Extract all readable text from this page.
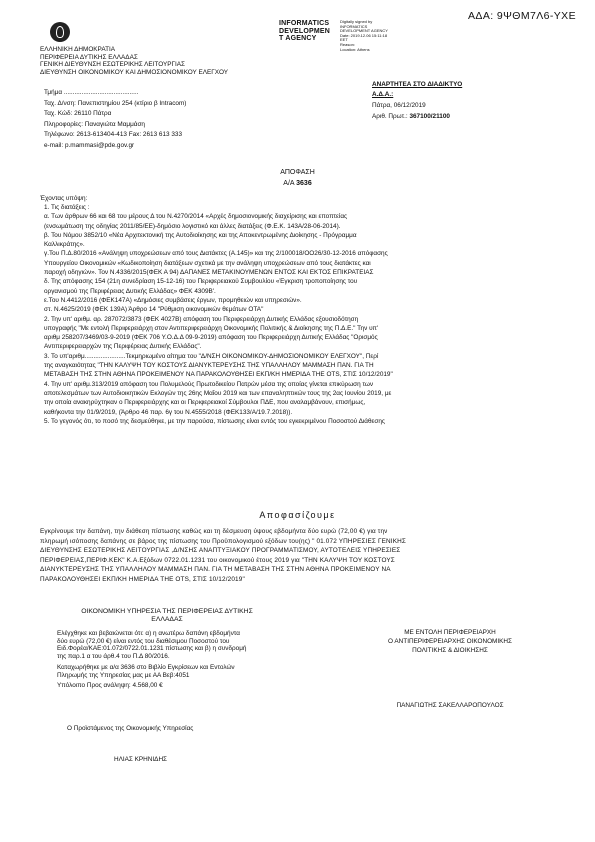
ΑΔΑ: 9ΨΘΜ7Λ6-ΥΧΕ
INFORMATICS
DEVELOPMEN
T AGENCY
Digitally signed by
INFORMATICS
DEVELOPMENT AGENCY
Date: 2019.12.06 15:11:18
EET
Reason:
Location: Athens
ΕΛΛΗΝΙΚΗ ΔΗΜΟΚΡΑΤΙΑ
ΠΕΡΙΦΕΡΕΙΑ ΔΥΤΙΚΗΣ ΕΛΛΑΔΑΣ
ΓΕΝΙΚΗ ΔΙΕΥΘΥΝΣΗ ΕΣΩΤΕΡΙΚΗΣ ΛΕΙΤΟΥΡΓΙΑΣ
ΔΙΕΥΘΥΝΣΗ ΟΙΚΟΝΟΜΙΚΟΥ ΚΑΙ ΔΗΜΟΣΙΟΝΟΜΙΚΟΥ ΕΛΕΓΧΟΥ
Τμήμα ..........................................
Ταχ. Δ/νση: Πανεπιστημίου 254 (κτίριο β Intracom)
Ταχ. Κώδ: 26110 Πάτρα
Πληροφορίες: Παναγιώτα Μαμμάση
Τηλέφωνο: 2613-613404-413 Fax: 2613 613 333
e-mail: p.mammasi@pde.gov.gr
ΑΝΑΡΤΗΤΕΑ ΣΤΟ ΔΙΑΔΙΚΤΥΟ
Α.Δ.Α.:
Πάτρα, 06/12/2019
Αριθ. Πρωτ.: 367100/21100
ΑΠΟΦΑΣΗ
Α/Α 3636
Έχοντας υπόψη:
1. Τις διατάξεις :
α. Των άρθρων 66 και 68 του μέρους Δ του Ν.4270/2014 «Αρχές δημοσιονομικής διαχείρισης και εποπτείας
(ενσωμάτωση της οδηγίας 2011/85/ΕΕ)-δημόσιο λογιστικό και άλλες διατάξεις (Φ.Ε.Κ. 143Α/28-06-2014).
β. Του Νόμου 3852/10 «Νέα Αρχιτεκτονική της Αυτοδιοίκησης και της Αποκεντρωμένης Διοίκησης - Πρόγραμμα
Καλλικράτης».
γ.Του Π.Δ.80/2016 «Ανάληψη υποχρεώσεων από τους Διατάκτες (Α.145)» και της 2/100018/ΟΟ26/30-12-2016 απόφασης
Υπουργείου Οικονομικών «Κωδικοποίηση διατάξεων σχετικά με την ανάληψη υποχρεώσεων από τους διατάκτες και
παροχή οδηγιών». Τον Ν.4336/2015(ΦΕΚ Α 94) ΔΑΠΑΝΕΣ ΜΕΤΑΚΙΝΟΥΜΕΝΩΝ ΕΝΤΟΣ ΚΑΙ ΕΚΤΟΣ ΕΠΙΚΡΑΤΕΙΑΣ
δ. Της απόφασης 154 (21η συνεδρίαση 15-12-16) του Περιφερειακού Συμβουλίου «Έγκριση τροποποίησης του
οργανισμού της Περιφέρειας Δυτικής Ελλάδας» ΦΕΚ 4309Β'.
ε.Του Ν.4412/2016 (ΦΕΚ147Α) «Δημόσιες συμβάσεις έργων, προμηθειών και υπηρεσιών».
στ. Ν.4625/2019 (ΦΕΚ 139Α) Άρθρο 14 "Ρύθμιση οικονομικών θεμάτων ΟΤΑ"
2. Την υπ' αριθμ. αρ. 287072/3873 (ΦΕΚ 4027Β) απόφαση του Περιφερειάρχη Δυτικής Ελλάδας εξουσιοδότηση
υπογραφής "Με εντολή Περιφερειάρχη στον Αντιπεριφερειάρχη Οικονομικής Πολιτικής & Διοίκησης της Π.Δ.Ε." Την υπ'
αριθμ 258207/3469/03-9-2019 (ΦΕΚ 706 Υ.Ο.Δ.Δ 09-9-2019) απόφαση του Περιφερειάρχη Δυτικής Ελλάδας "Ορισμός
Αντιπεριφερειαρχών της Περιφέρειας Δυτικής Ελλάδας".
3. Το υπ'αριθμ.......................Τεκμηριωμένο αίτημα του "Δ/ΝΣΗ ΟΙΚΟΝΟΜΙΚΟΥ-ΔΗΜΟΣΙΟΝΟΜΙΚΟΥ ΕΛΕΓΧΟΥ", Περί
της αναγκαιότητας "ΤΗΝ ΚΑΛΥΨΗ ΤΟΥ ΚΟΣΤΟΥΣ ΔΙΑΝΥΚΤΕΡΕΥΣΗΣ ΤΗΣ ΥΠΑΛΛΗΛΟΥ ΜΑΜΜΑΣΗ ΠΑΝ. ΓΙΑ ΤΗ
ΜΕΤΑΒΑΣΗ ΤΗΣ ΣΤΗΝ ΑΘΗΝΑ ΠΡΟΚΕΙΜΕΝΟΥ ΝΑ ΠΑΡΑΚΟΛΟΥΘΗΣΕΙ ΕΚΠ/ΚΗ ΗΜΕΡΙΔΑ THE OTS, ΣΤΙΣ 10/12/2019"
4. Την υπ' αριθμ.313/2019 απόφαση του Πολυμελούς Πρωτοδικείου Πατρών μέσα της οποίας γίνεται επικύρωση των
αποτελεσμάτων των Αυτοδιοικητικών Εκλογών της 26ης Μαΐου 2019 και των επαναληπτικών τους της 2ας Ιουνίου 2019, με
την οποία ανακηρύχτηκαν ο Περιφερειάρχης και οι Περιφερειακοί Σύμβουλοι ΠΔΕ, που αναλαμβάνουν, επισήμως,
καθήκοντα την 01/9/2019, (Άρθρο 46 παρ. 6γ του Ν.4555/2018 (ΦΕΚ133/Α/19.7.2018)).
5. Το γεγονός ότι, το ποσό της δεσμεύθηκε, με την παρούσα, πίστωσης είναι εντός του εγκεκριμένου Ποσοστού Διάθεσης
Αποφασίζουμε
Εγκρίνουμε την δαπάνη, την διάθεση πίστωσης καθώς και τη δέσμευση ύψους εβδομήντα δύο ευρώ (72,00 €) για την
πληρωμή ισόποσης δαπάνης σε βάρος της πίστωσης του Προϋπολογισμού εξόδων του(ης) " 01.072 ΥΠΗΡΕΣΙΕΣ ΓΕΝΙΚΗΣ
ΔΙΕΥΘΥΝΣΗΣ ΕΣΩΤΕΡΙΚΗΣ ΛΕΙΤΟΥΡΓΙΑΣ ,Δ/ΝΣΗΣ ΑΝΑΠΤΥΞΙΑΚΟΥ ΠΡΟΓΡΑΜΜΑΤΙΣΜΟΥ, ΑΥΤΟΤΕΛΕΙΣ ΥΠΗΡΕΣΙΕΣ
ΠΕΡΙΦΕΡΕΙΑΣ,ΠΕΡΙΦ.ΚΕΚ" Κ.Α.Εξόδων 0722.01.1231 του οικονομικού έτους 2019 για "ΤΗΝ ΚΑΛΥΨΗ ΤΟΥ ΚΟΣΤΟΥΣ
ΔΙΑΝΥΚΤΕΡΕΥΣΗΣ ΤΗΣ ΥΠΑΛΛΗΛΟΥ ΜΑΜΜΑΣΗ ΠΑΝ. ΓΙΑ ΤΗ ΜΕΤΑΒΑΣΗ ΤΗΣ ΣΤΗΝ ΑΘΗΝΑ ΠΡΟΚΕΙΜΕΝΟΥ ΝΑ
ΠΑΡΑΚΟΛΟΥΘΗΣΕΙ ΕΚΠ/ΚΗ ΗΜΕΡΙΔΑ THE OTS, ΣΤΙΣ 10/12/2019"
ΟΙΚΟΝΟΜΙΚΗ ΥΠΗΡΕΣΙΑ ΤΗΣ ΠΕΡΙΦΕΡΕΙΑΣ ΔΥΤΙΚΗΣ
ΕΛΛΑΔΑΣ
Ελέγχθηκε και βεβαιώνεται ότι: α) η ανωτέρω δαπάνη εβδομήντα
δύο ευρώ (72,00 €) είναι εντός του διαθέσιμου Ποσοστού του
Ειδ.Φορέα/ΚΑΕ:01.072/0722.01.1231 πίστωσης και β) η συνδρομή
της παρ.1 α του άρθ.4 του Π.Δ 80/2016.
Καταχωρήθηκε με α/α 3636 στο Βιβλίο Εγκρίσεων και Εντολών
Πληρωμής της Υπηρεσίας μας με ΑΑ Βεβ:4051
Υπόλοιπο Προς ανάληψη: 4.568,00 €
Ο Προϊστάμενος της Οικονομικής Υπηρεσίας
ΗΛΙΑΣ ΚΡΗΝΙΔΗΣ
ΜΕ ΕΝΤΟΛΗ ΠΕΡΙΦΕΡΕΙΑΡΧΗ
Ο ΑΝΤΙΠΕΡΙΦΕΡΕΙΑΡΧΗΣ ΟΙΚΟΝΟΜΙΚΗΣ
ΠΟΛΙΤΙΚΗΣ & ΔΙΟΙΚΗΣΗΣ
ΠΑΝΑΓΙΩΤΗΣ ΣΑΚΕΛΛΑΡΟΠΟΥΛΟΣ
